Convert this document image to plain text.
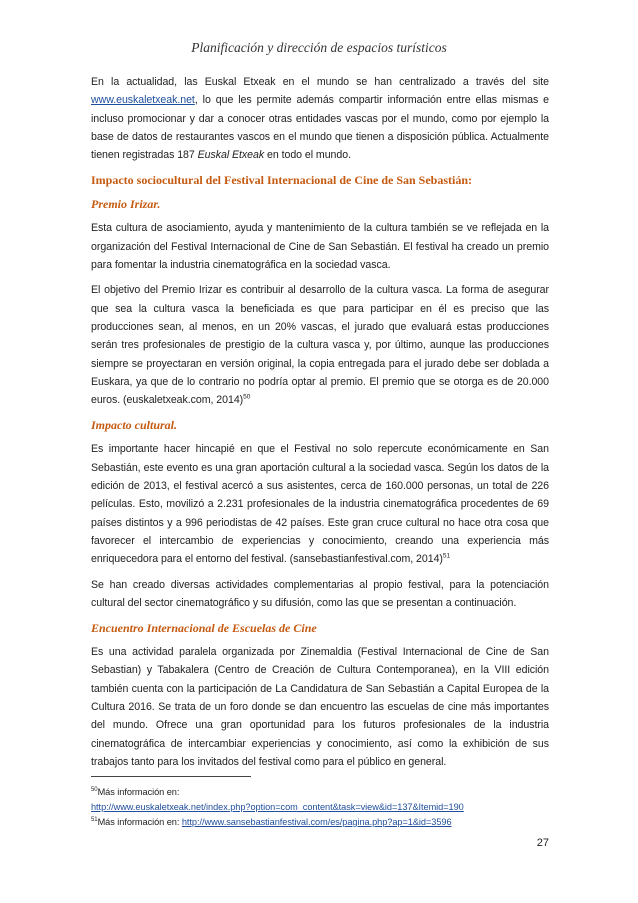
Planificación y dirección de espacios turísticos

En la actualidad, las Euskal Etxeak en el mundo se han centralizado a través del site www.euskaletxeak.net, lo que les permite además compartir información entre ellas mismas e incluso promocionar y dar a conocer otras entidades vascas por el mundo, como por ejemplo la base de datos de restaurantes vascos en el mundo que tienen a disposición pública. Actualmente tienen registradas 187 Euskal Etxeak en todo el mundo.

Impacto sociocultural del Festival Internacional de Cine de San Sebastián:
Premio Irizar.

Esta cultura de asociamiento, ayuda y mantenimiento de la cultura también se ve reflejada en la organización del Festival Internacional de Cine de San Sebastián. El festival ha creado un premio para fomentar la industria cinematográfica en la sociedad vasca.

El objetivo del Premio Irizar es contribuir al desarrollo de la cultura vasca. La forma de asegurar que sea la cultura vasca la beneficiada es que para participar en él es preciso que las producciones sean, al menos, en un 20% vascas, el jurado que evaluará estas producciones serán tres profesionales de prestigio de la cultura vasca y, por último, aunque las producciones siempre se proyectaran en versión original, la copia entregada para el jurado debe ser doblada a Euskara, ya que de lo contrario no podría optar al premio. El premio que se otorga es de 20.000 euros. (euskaletxeak.com, 2014)$^{50}$

Impacto cultural.

Es importante hacer hincapié en que el Festival no solo repercute económicamente en San Sebastián, este evento es una gran aportación cultural a la sociedad vasca. Según los datos de la edición de 2013, el festival acercó a sus asistentes, cerca de 160.000 personas, un total de 226 películas. Esto, movilizó a 2.231 profesionales de la industria cinematográfica procedentes de 69 países distintos y a 996 periodistas de 42 países. Este gran cruce cultural no hace otra cosa que favorecer el intercambio de experiencias y conocimiento, creando una experiencia más enriquecedora para el entorno del festival. (sansebastianfestival.com, 2014)$^{51}$

Se han creado diversas actividades complementarias al propio festival, para la potenciación cultural del sector cinematográfico y su difusión, como las que se presentan a continuación.

Encuentro Internacional de Escuelas de Cine

Es una actividad paralela organizada por Zinemaldia (Festival Internacional de Cine de San Sebastian) y Tabakalera (Centro de Creación de Cultura Contemporanea), en la VIII edición también cuenta con la participación de La Candidatura de San Sebastián a Capital Europea de la Cultura 2016. Se trata de un foro donde se dan encuentro las escuelas de cine más importantes del mundo. Ofrece una gran oportunidad para los futuros profesionales de la industria cinematográfica de intercambiar experiencias y conocimiento, así como la exhibición de sus trabajos tanto para los invitados del festival como para el público en general.

$^{50}$Más información en:

http://www.euskaletxeak.net/index.php?option=com_content&task=view&id=137&Itemid=190

$^{51}$Más información en: http://www.sansebastianfestival.com/es/pagina.php?ap=1&id=3596

27
